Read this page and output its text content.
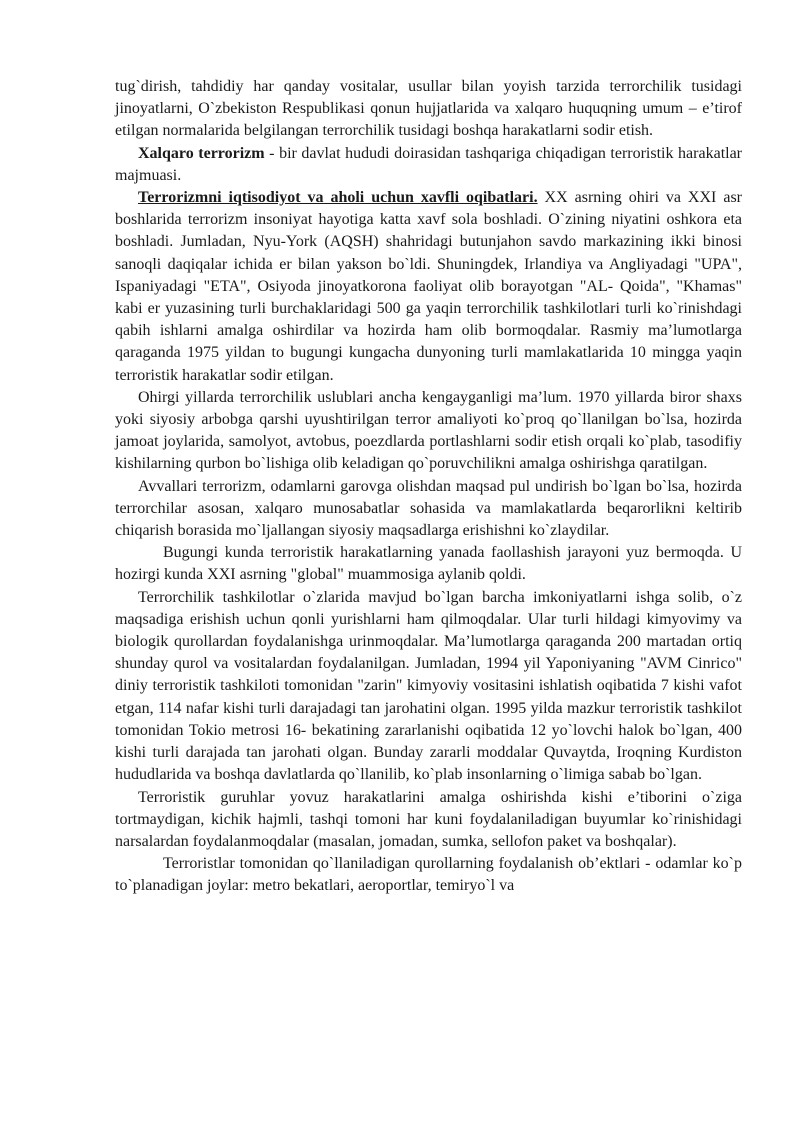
tug`dirish, tahdidiy har qanday vositalar, usullar bilan yoyish tarzida terrorchilik tusidagi jinoyatlarni, O`zbekiston Respublikasi qonun hujjatlarida va xalqaro huquqning umum – e’tirof etilgan normalarida belgilangan terrorchilik tusidagi boshqa harakatlarni sodir etish.

Xalqaro terrorizm - bir davlat hududi doirasidan tashqariga chiqadigan terroristik harakatlar majmuasi.

Terrorizmni iqtisodiyot va aholi uchun xavfli oqibatlari. XX asrning ohiri va XXI asr boshlarida terrorizm insoniyat hayotiga katta xavf sola boshladi. O`zining niyatini oshkora eta boshladi. Jumladan, Nyu-York (AQSH) shahridagi butunjahon savdo markazining ikki binosi sanoqli daqiqalar ichida er bilan yakson bo`ldi. Shuningdek, Irlandiya va Angliyadagi "UPA", Ispaniyadagi "ETA", Osiyoda jinoyatkorona faoliyat olib borayotgan "AL- Qoida", "Khamas" kabi er yuzasining turli burchaklaridagi 500 ga yaqin terrorchilik tashkilotlari turli ko`rinishdagi qabih ishlarni amalga oshirdilar va hozirda ham olib bormoqdalar. Rasmiy ma’lumotlarga qaraganda 1975 yildan to bugungi kungacha dunyoning turli mamlakatlarida 10 mingga yaqin terroristik harakatlar sodir etilgan.

Ohirgi yillarda terrorchilik uslublari ancha kengayganligi ma’lum. 1970 yillarda biror shaxs yoki siyosiy arbobga qarshi uyushtirilgan terror amaliyoti ko`proq qo`llanilgan bo`lsa, hozirda jamoat joylarida, samolyot, avtobus, poezdlarda portlashlarni sodir etish orqali ko`plab, tasodifiy kishilarning qurbon bo`lishiga olib keladigan qo`poruvchilikni amalga oshirishga qaratilgan.

Avvallari terrorizm, odamlarni garovga olishdan maqsad pul undirish bo`lgan bo`lsa, hozirda terrorchilar asosan, xalqaro munosabatlar sohasida va mamlakatlarda beqarorlikni keltirib chiqarish borasida mo`ljallangan siyosiy maqsadlarga erishishni ko`zlaydilar.

Bugungi kunda terroristik harakatlarning yanada faollashish jarayoni yuz bermoqda. U hozirgi kunda XXI asrning "global" muammosiga aylanib qoldi.

Terrorchilik tashkilotlar o`zlarida mavjud bo`lgan barcha imkoniyatlarni ishga solib, o`z maqsadiga erishish uchun qonli yurishlarni ham qilmoqdalar. Ular turli hildagi kimyovimy va biologik qurollardan foydalanishga urinmoqdalar. Ma’lumotlarga qaraganda 200 martadan ortiq shunday qurol va vositalardan foydalanilgan. Jumladan, 1994 yil Yaponiyaning "AVM Cinrico" diniy terroristik tashkiloti tomonidan "zarin" kimyoviy vositasini ishlatish oqibatida 7 kishi vafot etgan, 114 nafar kishi turli darajadagi tan jarohatini olgan. 1995 yilda mazkur terroristik tashkilot tomonidan Tokio metrosi 16- bekatining zararlanishi oqibatida 12 yo`lovchi halok bo`lgan, 400 kishi turli darajada tan jarohati olgan. Bunday zararli moddalar Quvaytda, Iroqning Kurdiston hududlarida va boshqa davlatlarda qo`llanilib, ko`plab insonlarning o`limiga sabab bo`lgan.

Terroristik guruhlar yovuz harakatlarini amalga oshirishda kishi e’tiborini o`ziga tortmaydigan, kichik hajmli, tashqi tomoni har kuni foydalaniladigan buyumlar ko`rinishidagi narsalardan foydalanmoqdalar (masalan, jomadan, sumka, sellofon paket va boshqalar).

Terroristlar tomonidan qo`llaniladigan qurollarning foydalanish ob’ektlari - odamlar ko`p to`planadigan joylar: metro bekatlari, aeroportlar, temiryo`l va
